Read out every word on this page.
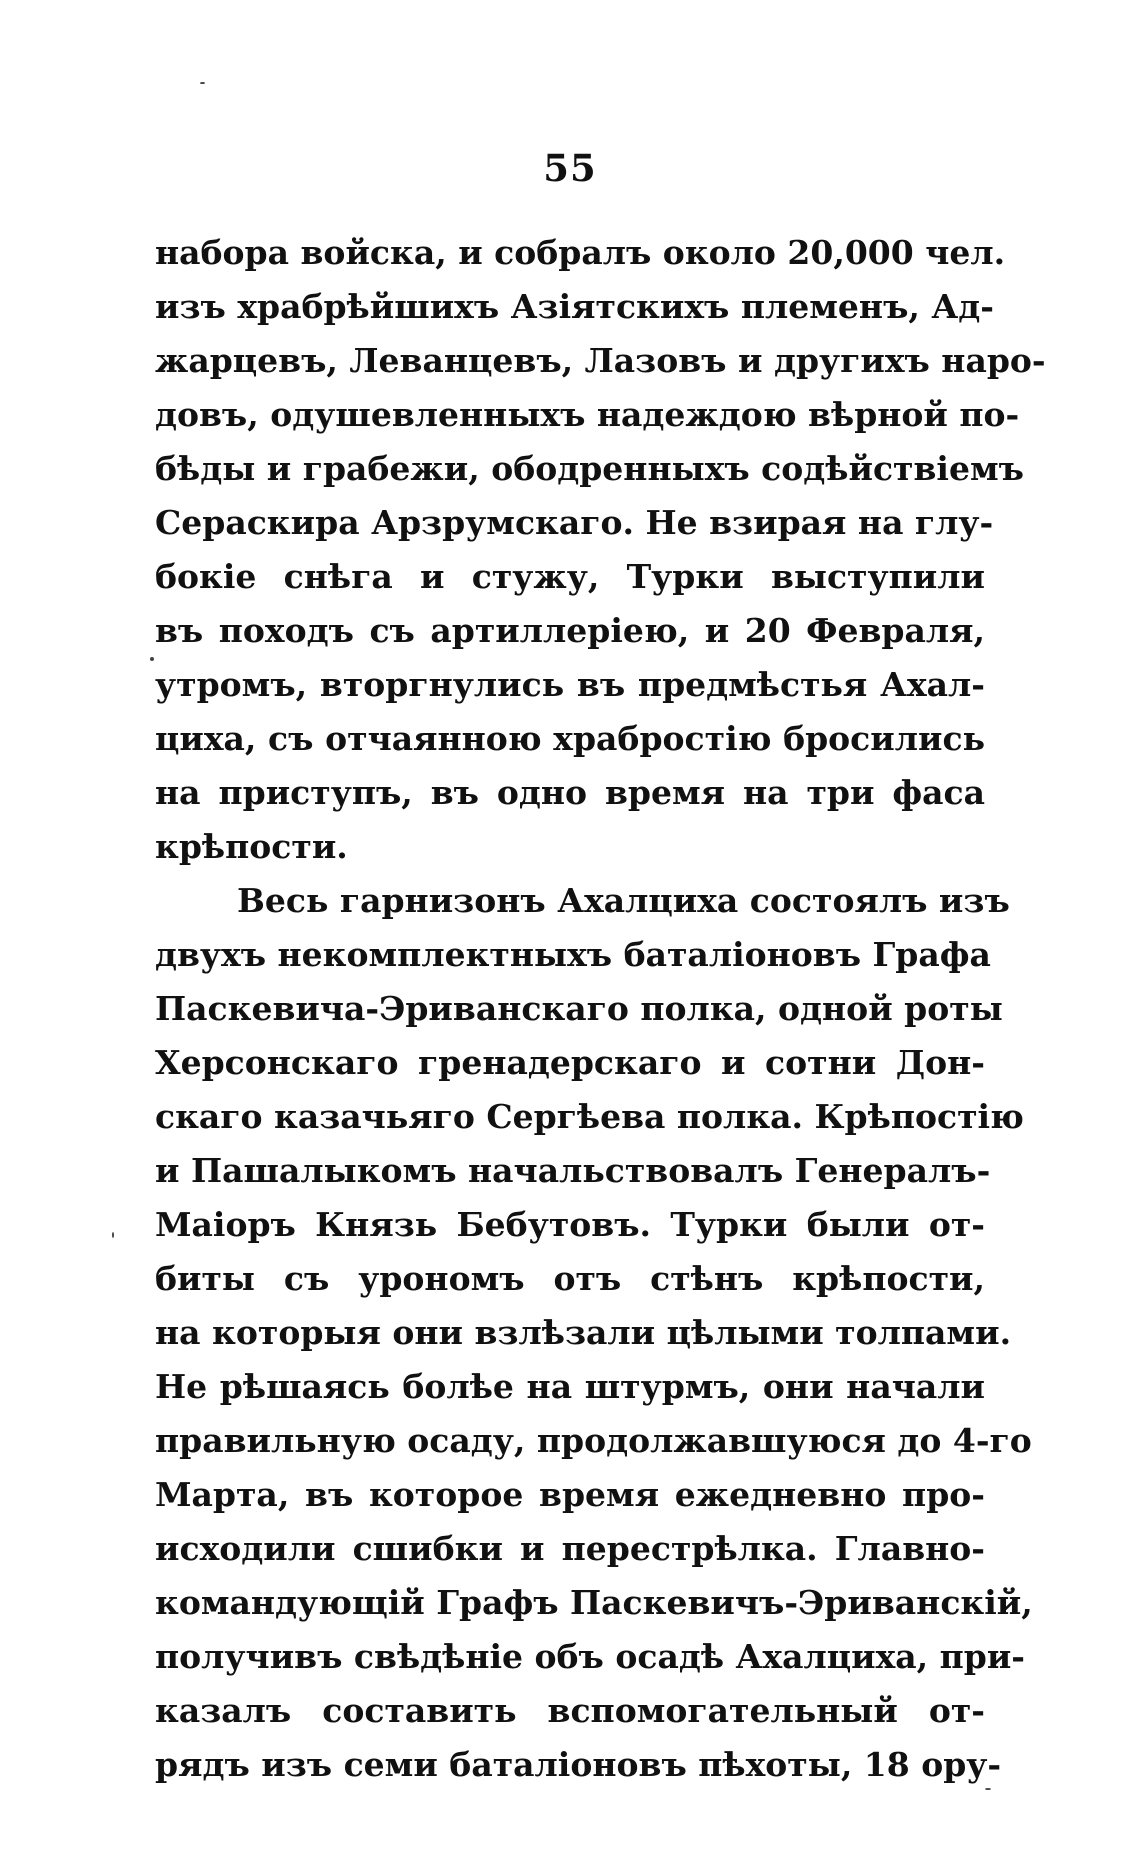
55
набора войска, и собралъ около 20,000 чел.
изъ храбрѣйшихъ Азіятскихъ племенъ, Ад-
жарцевъ, Леванцевъ, Лазовъ и другихъ наро-
довъ, одушевленныхъ надеждою вѣрной по-
бѣды и грабежи, ободренныхъ содѣйствіемъ
Сераскира Арзрумскаго. Не взирая на глу-
бокіе снѣга и стужу, Турки выступили
въ походъ съ артиллеріею, и 20 Февраля,
утромъ, вторгнулись въ предмѣстья Ахал-
циха, съ отчаянною храбростію бросились
на приступъ, въ одно время на три фаса
крѣпости.
Весь гарнизонъ Ахалциха состоялъ изъ
двухъ некомплектныхъ баталіоновъ Графа
Паскевича-Эриванскаго полка, одной роты
Херсонскаго гренадерскаго и сотни Дон-
скаго казачьяго Сергѣева полка. Крѣпостію
и Пашалыкомъ начальствовалъ Генералъ-
Маіоръ Князь Бебутовъ. Турки были от-
биты съ урономъ отъ стѣнъ крѣпости,
на которыя они взлѣзали цѣлыми толпами.
Не рѣшаясь болѣе на штурмъ, они начали
правильную осаду, продолжавшуюся до 4-го
Марта, въ которое время ежедневно про-
исходили сшибки и перестрѣлка. Главно-
командующій Графъ Паскевичъ-Эриванскій,
получивъ свѣдѣніе объ осадѣ Ахалциха, при-
казалъ составить вспомогательный от-
рядъ изъ семи баталіоновъ пѣхоты, 18 ору-
